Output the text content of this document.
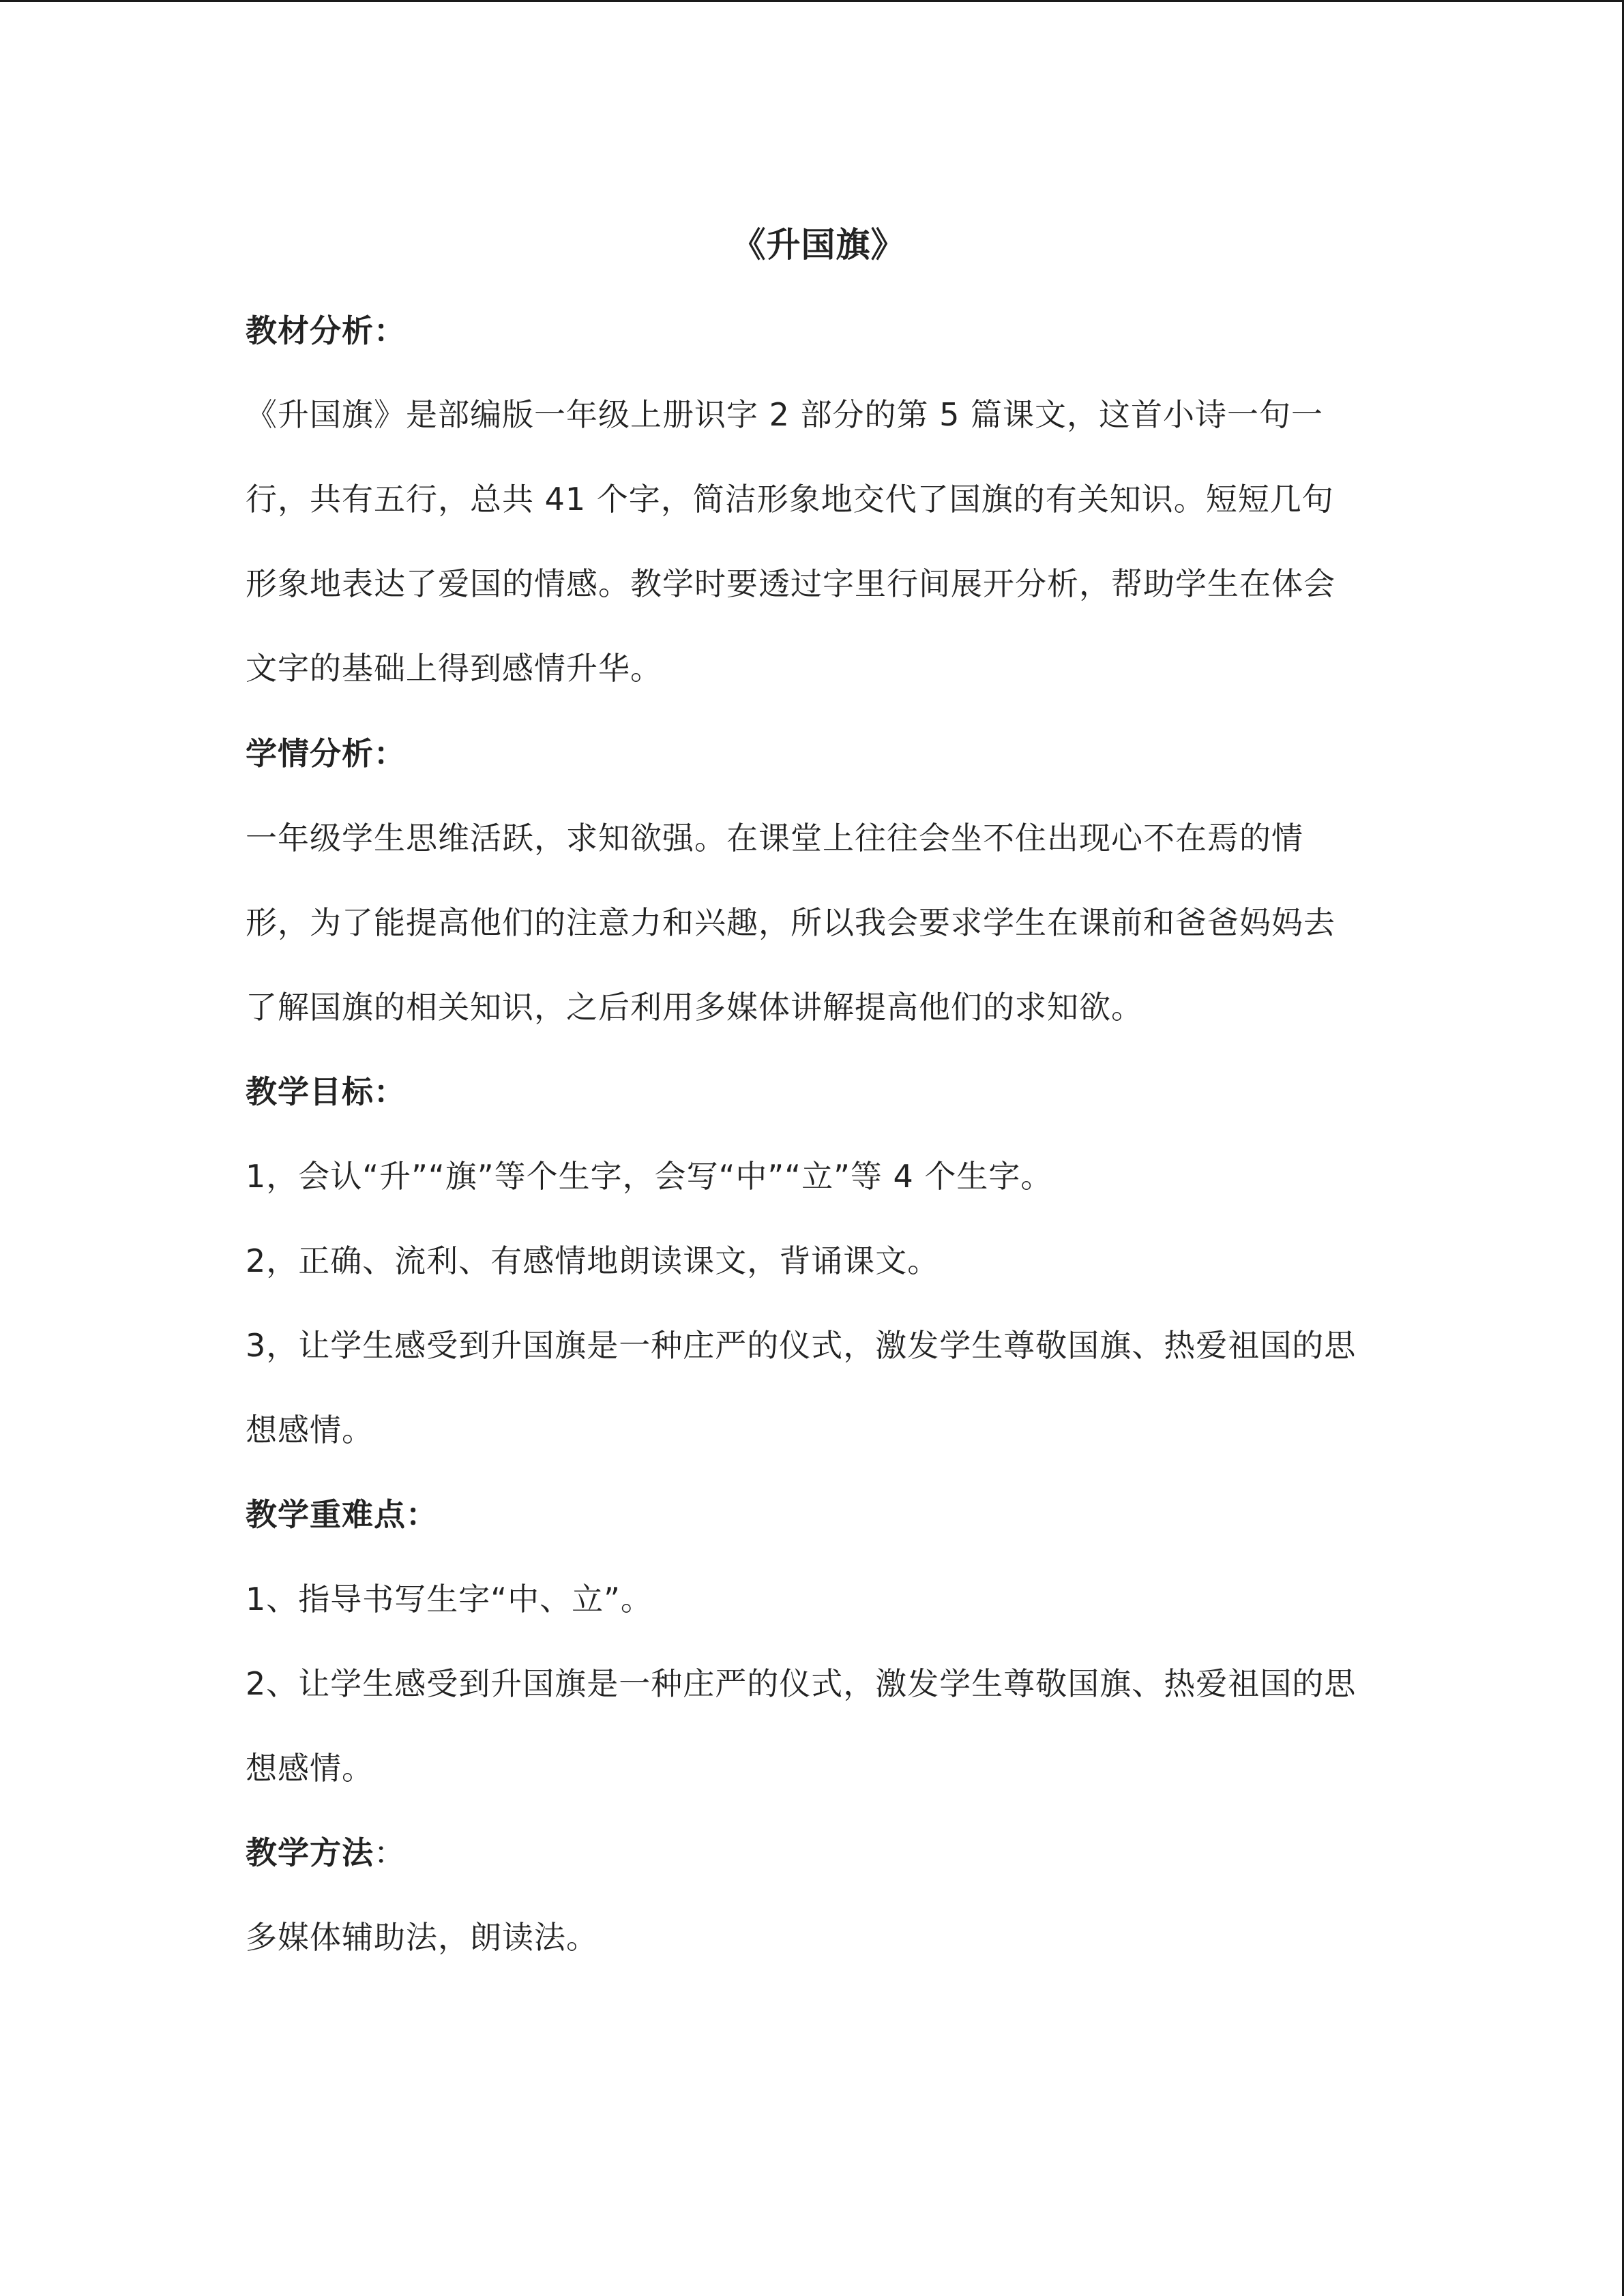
《升国旗》
教材分析：
《升国旗》是部编版一年级上册识字 2 部分的第 5 篇课文，这首小诗一句一
行，共有五行，总共 41 个字，简洁形象地交代了国旗的有关知识。短短几句
形象地表达了爱国的情感。教学时要透过字里行间展开分析，帮助学生在体会
文字的基础上得到感情升华。
学情分析：
一年级学生思维活跃，求知欲强。在课堂上往往会坐不住出现心不在焉的情
形，为了能提高他们的注意力和兴趣，所以我会要求学生在课前和爸爸妈妈去
了解国旗的相关知识，之后利用多媒体讲解提高他们的求知欲。
教学目标：
1，会认“升”“旗”等个生字，会写“中”“立”等 4 个生字。
2，正确、流利、有感情地朗读课文，背诵课文。
3，让学生感受到升国旗是一种庄严的仪式，激发学生尊敬国旗、热爱祖国的思
想感情。
教学重难点：
1、指导书写生字“中、立”。
2、让学生感受到升国旗是一种庄严的仪式，激发学生尊敬国旗、热爱祖国的思
想感情。
教学方法：
多媒体辅助法，朗读法。
